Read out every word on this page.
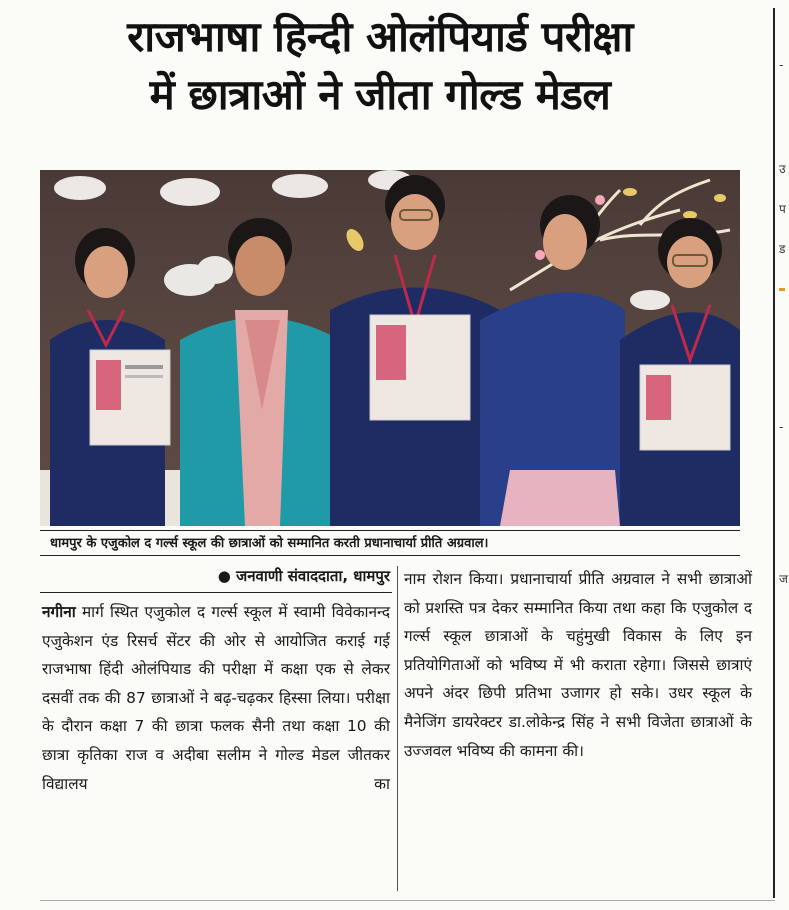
राजभाषा हिन्दी ओलंपियार्ड परीक्षा
में छात्राओं ने जीता गोल्ड मेडल
धामपुर के एजुकोल द गर्ल्स स्कूल की छात्राओं को सम्मानित करती प्रधानाचार्या प्रीति अग्रवाल।
● जनवाणी संवाददाता, धामपुर

नगीना मार्ग स्थित एजुकोल द गर्ल्स स्कूल में स्वामी विवेकानन्द एजुकेशन एंड रिसर्च सेंटर की ओर से आयोजित कराई गई राजभाषा हिंदी ओलंपियाड की परीक्षा में कक्षा एक से लेकर दसवीं तक की 87 छात्राओं ने बढ़-चढ़कर हिस्सा लिया। परीक्षा के दौरान कक्षा 7 की छात्रा फलक सैनी तथा कक्षा 10 की छात्रा कृतिका राज व अदीबा सलीम ने गोल्ड मेडल जीतकर विद्यालय का

नाम रोशन किया। प्रधानाचार्या प्रीति अग्रवाल ने सभी छात्राओं को प्रशस्ति पत्र देकर सम्मानित किया तथा कहा कि एजुकोल द गर्ल्स स्कूल छात्राओं के चहुंमुखी विकास के लिए इन प्रतियोगिताओं को भविष्य में भी कराता रहेगा। जिससे छात्राएं अपने अंदर छिपी प्रतिभा उजागर हो सके। उधर स्कूल के मैनेजिंग डायरेक्टर डा.लोकेन्द्र सिंह ने सभी विजेता छात्राओं के उज्जवल भविष्य की कामना की।

-
उ
प
ड
-
ज
